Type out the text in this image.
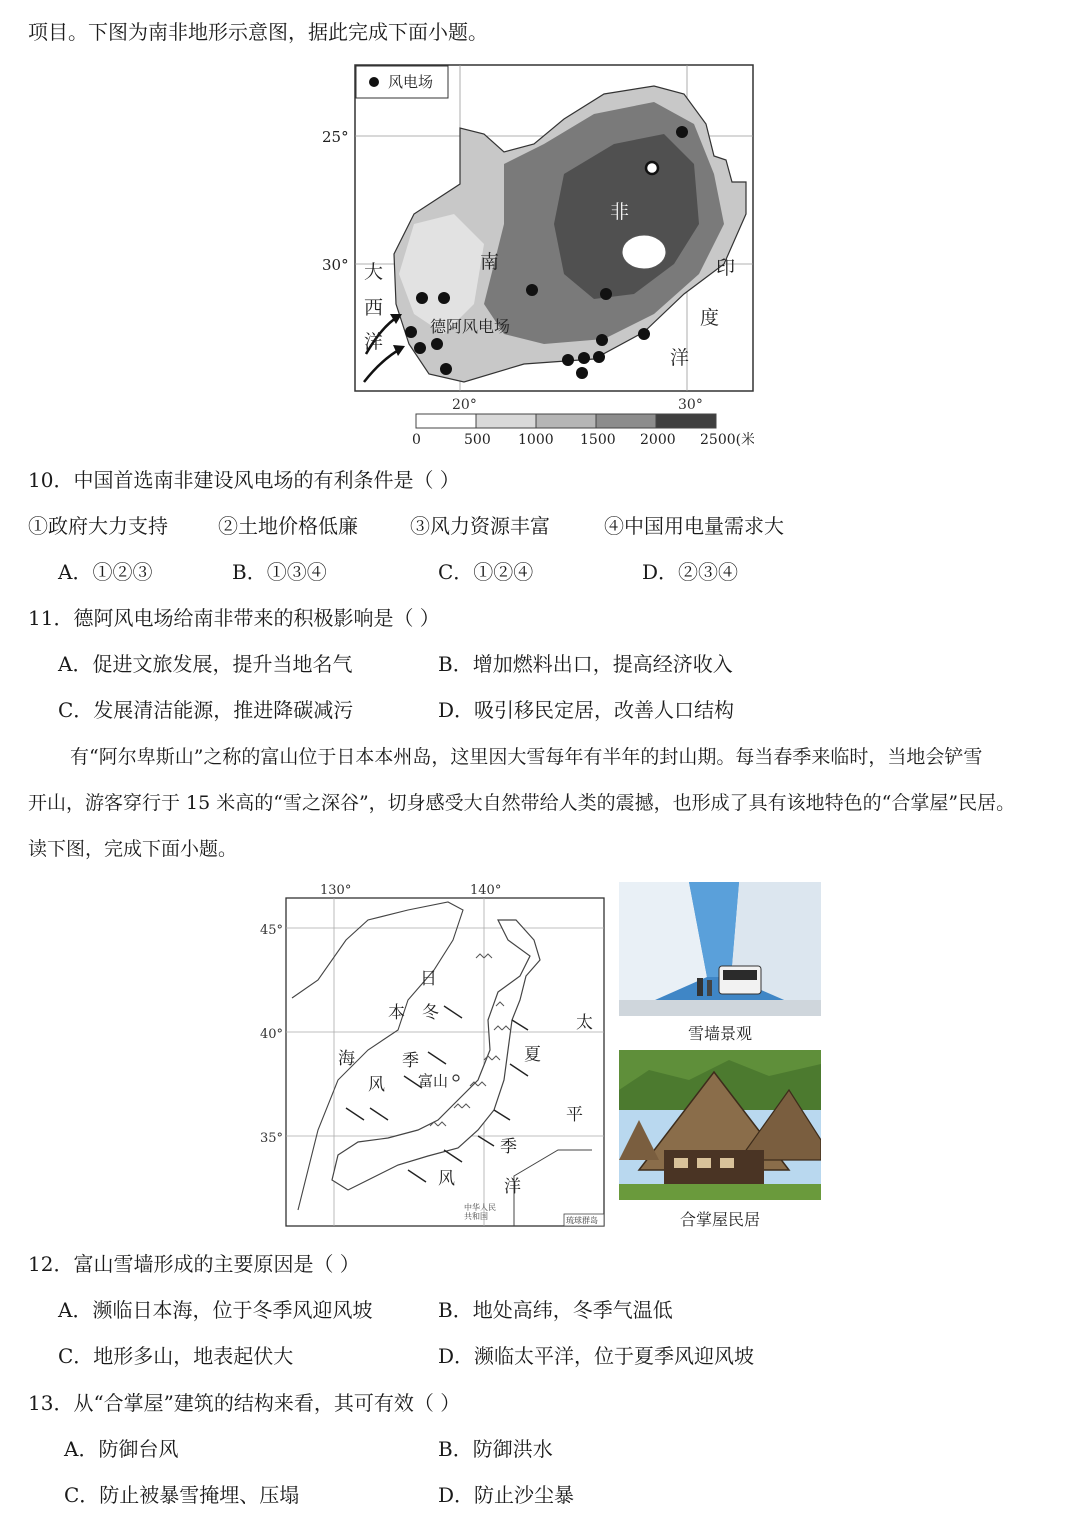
项目。下图为南非地形示意图，据此完成下面小题。
风电场
大
西
洋
印
度
洋
南
非
德阿风电场
20°	30°
0	500 1000 1500 2000 2500(米
25°
30°
10．中国首选南非建设风电场的有利条件是（ ）
①政府大力支持	②土地价格低廉	③风力资源丰富	④中国用电量需求大
A．①②③	B．①③④	C．①②④	D．②③④
11．德阿风电场给南非带来的积极影响是（ ）
A．促进文旅发展，提升当地名气	B．增加燃料出口，提高经济收入
C．发展清洁能源，推进降碳减污	D．吸引移民定居，改善人口结构
有“阿尔卑斯山”之称的富山位于日本本州岛，这里因大雪每年有半年的封山期。每当春季来临时，当地会铲雪
开山，游客穿行于 15 米高的“雪之深谷”，切身感受大自然带给人类的震撼，也形成了具有该地特色的“合掌屋”民居。
读下图，完成下面小题。
130°	140°
45°
40°
35°
日
本
海
冬
季
风
夏
季
风
太
平
洋
富山
中华人民
共和国	琉球群岛
雪墙景观
合掌屋民居
12．富山雪墙形成的主要原因是（ ）
A．濒临日本海，位于冬季风迎风坡	B．地处高纬，冬季气温低
C．地形多山，地表起伏大	D．濒临太平洋，位于夏季风迎风坡
13．从“合掌屋”建筑的结构来看，其可有效（ ）
A．防御台风	B．防御洪水
C．防止被暴雪掩埋、压塌	D．防止沙尘暴
